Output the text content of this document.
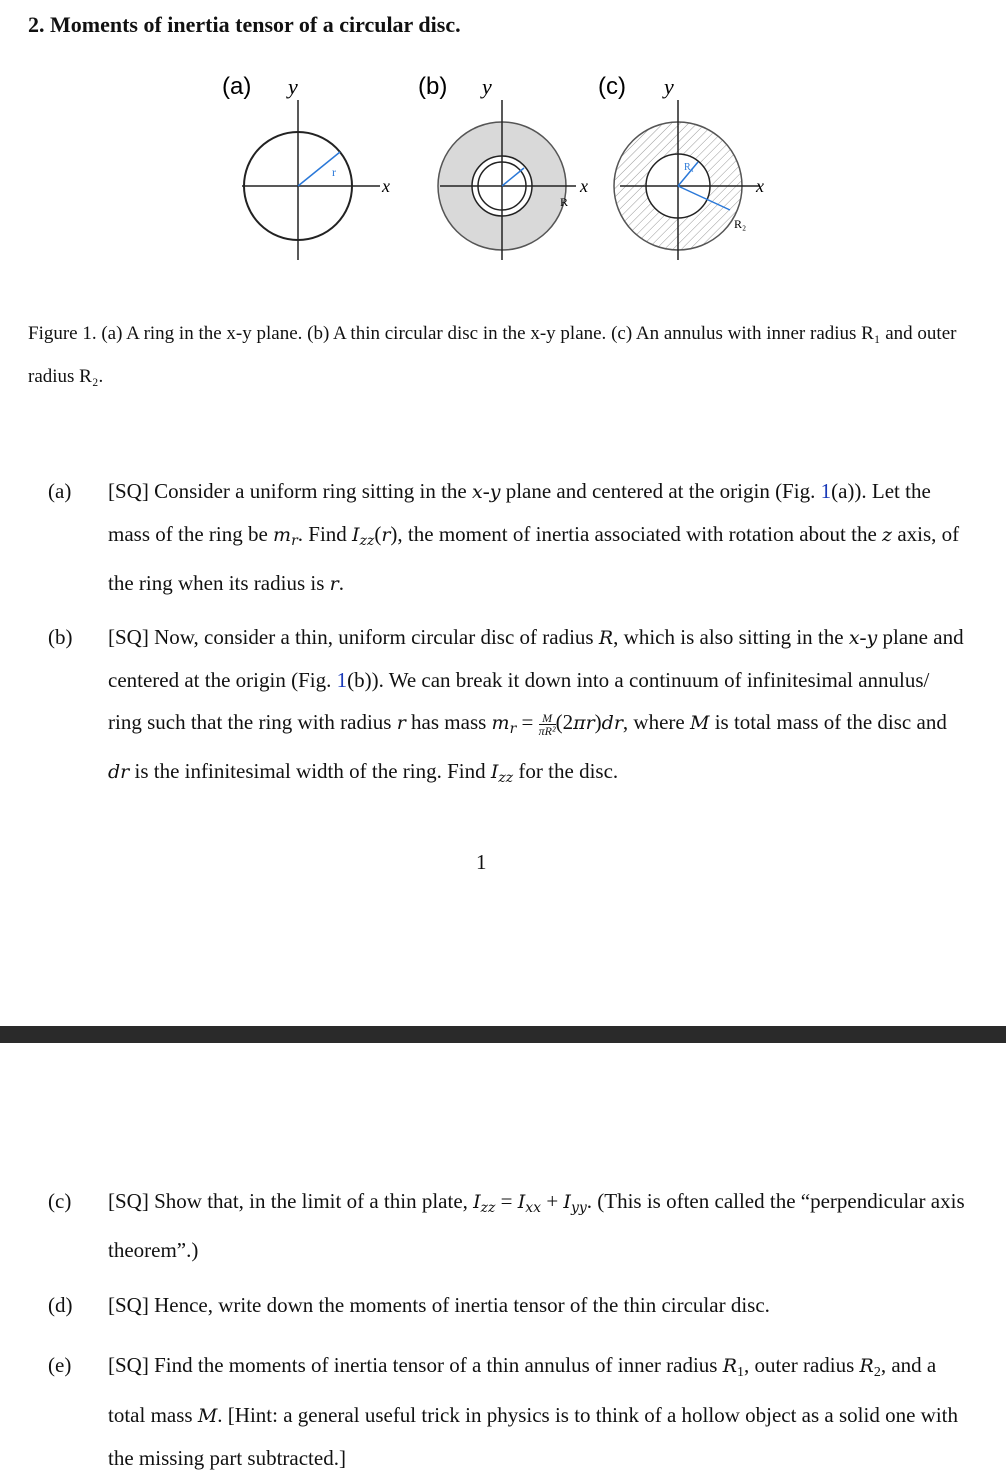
2. Moments of inertia tensor of a circular disc.
(a) y
r
x
(b) y
R
x
(c) y
R₁
R₂
x
Figure 1. (a) A ring in the x-y plane. (b) A thin circular disc in the x-y plane. (c) An annulus with inner radius R₁ and outer radius R₂.
(a) [SQ] Consider a uniform ring sitting in the x-y plane and centered at the origin (Fig. 1(a)). Let the mass of the ring be $m_r$. Find $I_{zz}(r)$, the moment of inertia associated with rotation about the z axis, of the ring when its radius is r.
(b) [SQ] Now, consider a thin, uniform circular disc of radius R, which is also sitting in the x-y plane and centered at the origin (Fig. 1(b)). We can break it down into a continuum of infinitesimal annulus/ ring such that the ring with radius r has mass $m_r = \frac{M}{\text{πR²}} (2\pi r)dr$, where M is total mass of the disc and dr is the infinitesimal width of the ring. Find $I_{zz}$ for the disc.
1
(c) [SQ] Show that, in the limit of a thin plate, $I_{zz} = I_{xx} + I_{yy}$. (This is often called the “perpendicular axis theorem”.)
(d) [SQ] Hence, write down the moments of inertia tensor of the thin circular disc.
(e) [SQ] Find the moments of inertia tensor of a thin annulus of inner radius R1, outer radius R2, and a total mass M. [Hint: a general useful trick in physics is to think of a hollow object as a solid one with the missing part subtracted.]
